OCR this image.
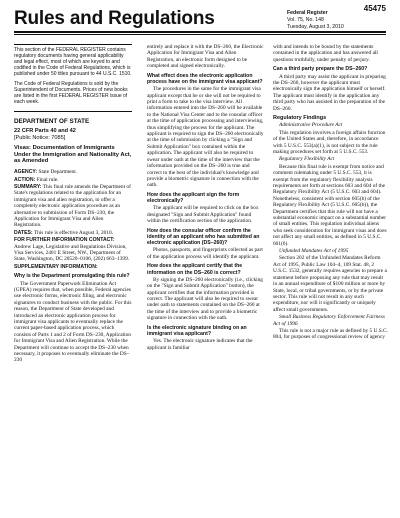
45475
Rules and Regulations	Federal Register
Vol. 75, No. 148
Tuesday, August 3, 2010

This section of the FEDERAL REGISTER contains regulatory documents having general applicability and legal effect, most of which are keyed to and codified in the Code of Federal Regulations, which is published under 50 titles pursuant to 44 U.S.C. 1510.

The Code of Federal Regulations is sold by the Superintendent of Documents. Prices of new books are listed in the first FEDERAL REGISTER issue of each week.

DEPARTMENT OF STATE
22 CFR Parts 40 and 42
[Public Notice: 7085]
Visas: Documentation of Immigrants Under the Immigration and Nationality Act, as Amended

AGENCY: State Department.

ACTION: Final rule.

SUMMARY: This final rule amends the Department of State's regulations related to the application for an immigrant visa and alien registration, to offer a completely electronic application procedure as an alternative to submission of Form DS–230, the Application for Immigrant Visa and Alien Registration.

DATES: This rule is effective August 3, 2010.

FOR FURTHER INFORMATION CONTACT: Andrew Lage, Legislative and Regulations Division, Visa Services, 2401 E Street, NW., Department of State, Washington, DC 20520–0106, (202) 663–1399.

SUPPLEMENTARY INFORMATION:

Why is the Department promulgating this rule?

The Government Paperwork Elimination Act (GPEA) requires that, when possible, Federal agencies use electronic forms, electronic filing, and electronic signatures to conduct business with the public. For this reason, the Department of State developed and introduced an electronic application process for immigrant visa applicants to eventually replace the current paper-based application process, which consists of Parts 1 and 2 of Form DS–230, Application for Immigrant Visa and Alien Registration. While the Department will continue to accept the DS–230 when necessary, it proposes to eventually eliminate the DS–230

entirely and replace it with the DS–260, the Electronic Application for Immigrant Visa and Alien Registration, an electronic form designed to be completed and signed electronically.

What effect does the electronic application process have on the immigrant visa applicant?

The procedures in the same for the immigrant visa applicant except that he or she will not be required to print a form to take to the visa interview. All information entered into the DS–260 will be available to the National Visa Center and to the consular officer at the time of application processing and interviewing, thus simplifying the process for the applicant. The applicant is required to sign the DS–260 electronically at the time of submission by clicking a "Sign and Submit Application" box contained within the application. The applicant will also be required to swear under oath at the time of the interview that the information provided on the DS–260 is true and correct to the best of the individual's knowledge and provide a biometric signature in connection with the oath.

How does the applicant sign the form electronically?

The applicant will be required to click on the box designated "Sign and Submit Application" found within the certification section of the application.

How does the consular officer confirm the identity of an applicant who has submitted an electronic application (DS–260)?

Photos, passports, and fingerprints collected as part of the application process will identify the applicant.

How does the applicant certify that the information on the DS–260 is correct?

By signing the DS–260 electronically (i.e., clicking on the "Sign and Submit Application" button), the applicant certifies that the information provided is correct. The applicant will also be required to swear under oath to statements contained on the DS–260 at the time of the interview and to provide a biometric signature in connection with the oath.

Is the electronic signature binding on an immigrant visa applicant?

Yes. The electronic signature indicates that the applicant is familiar

with and intends to be bound by the statements contained in the application and has answered all questions truthfully, under penalty of perjury.

Can a third party prepare the DS–260?

A third party may assist the applicant in preparing the DS–260, however the applicant must electronically sign the application himself or herself. The applicant must identify in the application any third party who has assisted in the preparation of the DS–260.

Regulatory Findings

Administrative Procedure Act

This regulation involves a foreign affairs function of the United States and, therefore, in accordance with 5 U.S.C. 553(a)(1), is not subject to the rule making procedures set forth at 5 U.S.C. 553.

Regulatory Flexibility Act

Because this final rule is exempt from notice and comment rulemaking under 5 U.S.C. 553, it is exempt from the regulatory flexibility analysis requirements set forth at sections 603 and 604 of the Regulatory Flexibility Act (5 U.S.C. 603 and 604). Nonetheless, consistent with section 605(b) of the Regulatory Flexibility Act (5 U.S.C. 605(b)), the Department certifies that this rule will not have a substantial economic impact on a substantial number of small entities. This regulation individual aliens who seek consideration for immigrant visas and does not affect any small entities, as defined in 5 U.S.C. 601(6).

Unfunded Mandates Act of 1995

Section 202 of the Unfunded Mandates Reform Act of 1995, Public Law 104–4, 109 Stat. 48, 2 U.S.C. 1532, generally requires agencies to prepare a statement before proposing any rule that may result in an annual expenditure of $100 million or more by State, local, or tribal governments, or by the private sector. This rule will not result in any such expenditure, nor will it significantly or uniquely affect small governments.

Small Business Regulatory Enforcement Fairness Act of 1996

This rule is not a major rule as defined by 5 U.S.C. 804, for purposes of congressional review of agency
